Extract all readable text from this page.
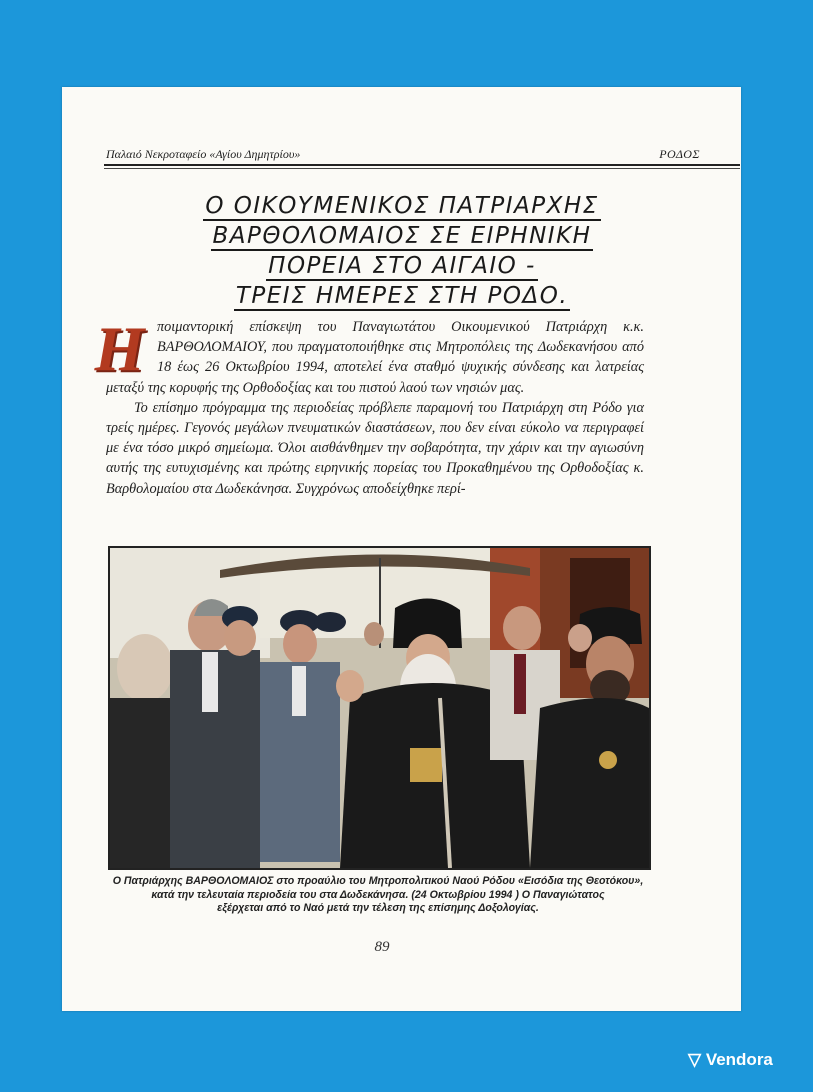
Παλαιό Νεκροταφείο «Αγίου Δημητρίου»	ΡΟΔΟΣ
Ο ΟΙΚΟΥΜΕΝΙΚΟΣ ΠΑΤΡΙΑΡΧΗΣ
ΒΑΡΘΟΛΟΜΑΙΟΣ ΣΕ ΕΙΡΗΝΙΚΗ
ΠΟΡΕΙΑ ΣΤΟ ΑΙΓΑΙΟ -
ΤΡΕΙΣ ΗΜΕΡΕΣ ΣΤΗ ΡΟΔΟ.

Ηποιμαντορική επίσκεψη του Παναγιωτάτου Οικουμενικού Πατριάρχη κ.κ. ΒΑΡΘΟΛΟΜΑΙΟΥ, που πραγματοποιήθηκε στις Μητροπόλεις της Δωδεκανήσου από 18 έως 26 Οκτωβρίου 1994, αποτελεί ένα σταθμό ψυχικής σύνδεσης και λατρείας μεταξύ της κορυφής της Ορθοδοξίας και του πιστού λαού των νησιών μας.

Το επίσημο πρόγραμμα της περιοδείας πρόβλεπε παραμονή του Πατριάρχη στη Ρόδο για τρείς ημέρες. Γεγονός μεγάλων πνευματικών διαστάσεων, που δεν είναι εύκολο να περιγραφεί με ένα τόσο μικρό σημείωμα. Όλοι αισθάνθημεν την σοβαρότητα, την χάριν και την αγιωσύνη αυτής της ευτυχισμένης και πρώτης ειρηνικής πορείας του Προκαθημένου της Ορθοδοξίας κ. Βαρθολομαίου στα Δωδεκάνησα. Συγχρόνως αποδείχθηκε περί-

Ο Πατριάρχης ΒΑΡΘΟΛΟΜΑΙΟΣ στο προαύλιο του Μητροπολιτικού Ναού Ρόδου «Εισόδια της Θεοτόκου»,
κατά την τελευταία περιοδεία του στα Δωδεκάνησα. (24 Οκτωβρίου 1994 ) Ο Παναγιώτατος
εξέρχεται από το Ναό μετά την τέλεση της επίσημης Δοξολογίας.
89
▽ Vendora
